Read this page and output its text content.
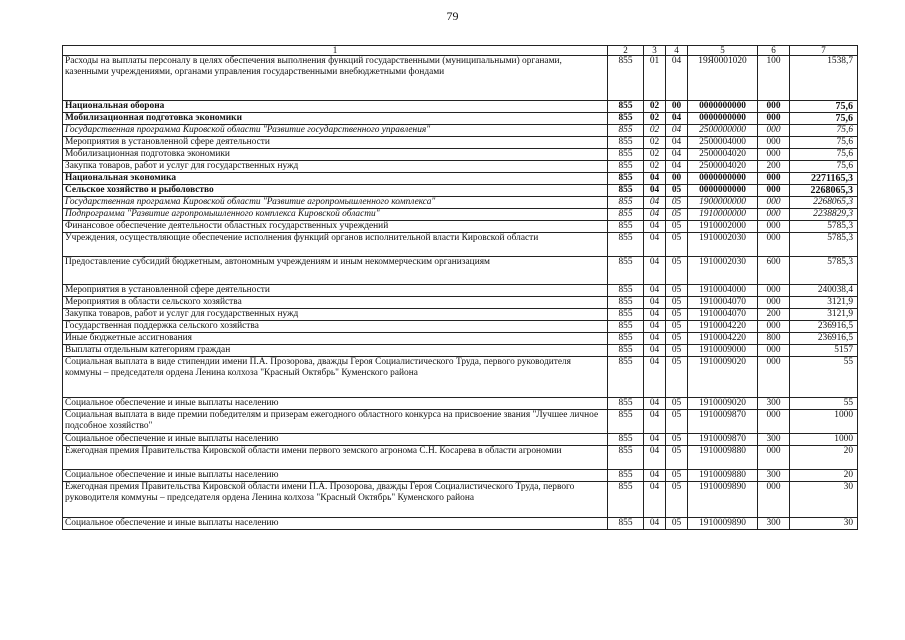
79
1	2	3	4	5	6	7
Расходы на выплаты персоналу в целях обеспечения выполнения функций государственными (муниципальными) органами, казенными учреждениями, органами управления государственными внебюджетными фондами	855	01	04	19Я0001020	100	1538,7
Национальная оборона	855	02	00	0000000000	000	75,6
Мобилизационная подготовка экономики	855	02	04	0000000000	000	75,6
Государственная программа Кировской области "Развитие государственного управления"	855	02	04	2500000000	000	75,6
Мероприятия в установленной сфере деятельности	855	02	04	2500004000	000	75,6
Мобилизационная подготовка экономики	855	02	04	2500004020	000	75,6
Закупка товаров, работ и услуг для государственных нужд	855	02	04	2500004020	200	75,6
Национальная экономика	855	04	00	0000000000	000	2271165,3
Сельское хозяйство и рыболовство	855	04	05	0000000000	000	2268065,3
Государственная программа Кировской области "Развитие агропромышленного комплекса"	855	04	05	1900000000	000	2268065,3
Подпрограмма "Развитие агропромышленного комплекса Кировской области"	855	04	05	1910000000	000	2238829,3
Финансовое обеспечение деятельности областных государственных учреждений	855	04	05	1910002000	000	5785,3
Учреждения, осуществляющие обеспечение исполнения функций органов исполнительной власти Кировской области	855	04	05	1910002030	000	5785,3
Предоставление субсидий бюджетным, автономным учреждениям и иным некоммерческим организациям	855	04	05	1910002030	600	5785,3
Мероприятия в установленной сфере деятельности	855	04	05	1910004000	000	240038,4
Мероприятия в области сельского хозяйства	855	04	05	1910004070	000	3121,9
Закупка товаров, работ и услуг для государственных нужд	855	04	05	1910004070	200	3121,9
Государственная поддержка сельского хозяйства	855	04	05	1910004220	000	236916,5
Иные бюджетные ассигнования	855	04	05	1910004220	800	236916,5
Выплаты отдельным категориям граждан	855	04	05	1910009000	000	5157
Социальная выплата в виде стипендии имени П.А. Прозорова, дважды Героя Социалистического Труда, первого руководителя коммуны – председателя ордена Ленина колхоза "Красный Октябрь" Куменского района	855	04	05	1910009020	000	55
Социальное обеспечение и иные выплаты населению	855	04	05	1910009020	300	55
Социальная выплата в виде премии победителям и призерам ежегодного областного конкурса на присвоение звания "Лучшее личное подсобное хозяйство"	855	04	05	1910009870	000	1000
Социальное обеспечение и иные выплаты населению	855	04	05	1910009870	300	1000
Ежегодная премия Правительства Кировской области имени первого земского агронома С.Н. Косарева в области агрономии	855	04	05	1910009880	000	20
Социальное обеспечение и иные выплаты населению	855	04	05	1910009880	300	20
Ежегодная премия Правительства Кировской области имени П.А. Прозорова, дважды Героя Социалистического Труда, первого руководителя коммуны – председателя ордена Ленина колхоза "Красный Октябрь" Куменского района	855	04	05	1910009890	000	30
Социальное обеспечение и иные выплаты населению	855	04	05	1910009890	300	30
